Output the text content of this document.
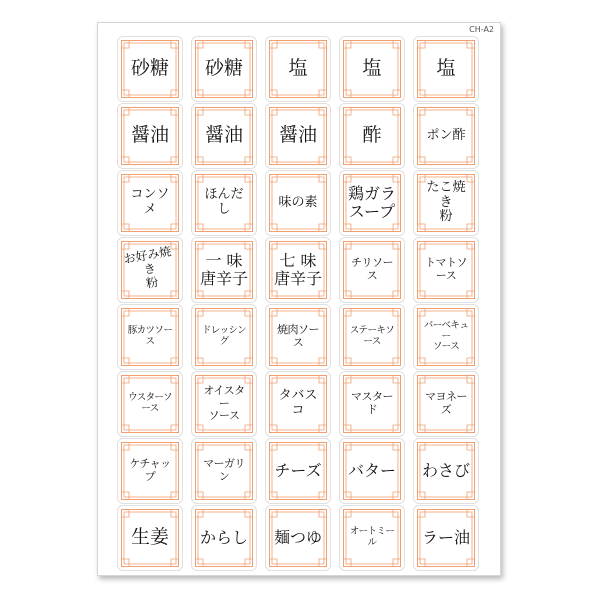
CH-A2
砂糖	砂糖	塩	塩	塩
醤油	醤油	醤油	酢	ポン酢
コンソメ
ほんだし	味の素	鶏ガラ
スープ
たこ焼き
粉
お好み焼き
粉
一 味
唐辛子
七 味
唐辛子
チリソース
トマトソース
豚カツソース
ドレッシング
焼肉ソース
ステーキソース
バーベキュー
ソース
ウスターソース
オイスター
ソース
タバスコ
マスタード
マヨネーズ
ケチャップ
マーガリン	チーズ バター わさび
生姜	からし 麺つゆ	オートミール	ラー油
